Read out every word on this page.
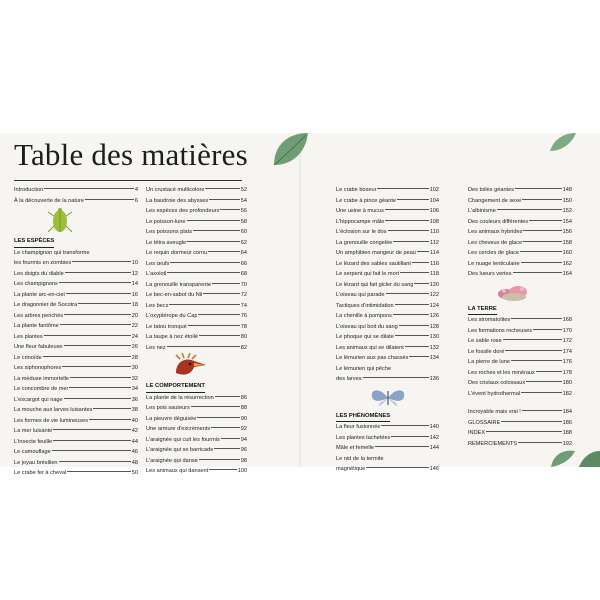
Table des matières
Introduction	4
À la découverte de la nature	6
LES ESPÈCES
Le champignon qui transforme
les fourmis en zombies	10
Les doigts du diable	12
Les champignons	14
La plante arc-en-ciel	16
Le dragonnier de Socotra	18
Les arbres penchés	20
La plante fantôme	22
Les plantes	24
Une fleur fabuleuse	26
Le crinoïde	28
Les siphonophores	30
La méduse immortelle	32
Le concombre de mer	34
L'escargot qui nage	36
La mouche aux larves luisantes	38
Les formes de vie lumineuses	40
La mer luisante	42
L'insecte feuille	44
Le camouflage	46
Le joyau brésilien	48
Le crabe fer à cheval	50
Un crustacé multicolore	52
La baudroie des abysses	54
Les espèces des profondeurs	56
Le poisson-lune	58
Les poissons plats	60
Le tétra aveugle	62
Le requin dormeur cornu	64
Les œufs	66
L'axolotl	68
La grenouille transparente	70
Le bec-en-sabot du Nil	72
Les becs	74
L'oxyptérope du Cap	76
Le tatou tronqué	78
La taupe à nez étoilé	80
Les nez	82
LE COMPORTEMENT
La plante de la résurrection	86
Les pois sauteurs	88
La pieuvre déguisée	90
Une armure d'excréments	92
L'araignée qui cuit les fourmis	94
L'araignée qui se barricade	96
L'araignée qui danse	98
Les animaux qui dansent	100
Le crabe boxeur	102
Le crabe à pince géante	104
Une usine à mucus	106
L'hippocampe mâle	108
L'éclosion sur le dos	110
La grenouille congelée	112
Un amphibien mangeur de peau	114
Le lézard des sables sautillant	116
Le serpent qui fait le mort	118
Le lézard qui fait gicler du sang	120
L'oiseau qui parade	122
Tactiques d'intimidation	124
La chenille à pompons	126
L'oiseau qui boit du sang	128
Le phoque qui se dilate	130
Les animaux qui se dilatent	132
Le lémurien aux pas chassés	134
Le lémurien qui pêche
des larves	136
LES PHÉNOMÈNES
La fleur fusionnée	140
Les plantes tachetées	142
Mâle et femelle	144
Le nid de la termite
magnétique	146
Des toiles géantes	148
Changement de sexe	150
L'albinisme	152
Des couleurs différentes	154
Les animaux hybrides	156
Les cheveux de glace	158
Les cercles de glace	160
Le nuage lenticulaire	162
Des lueurs vertes	164
LA TERRE
Les stromatolites	168
Les formations rocheuses	170
Le sable rose	172
Le fossile doré	174
La pierre de lune	176
Les roches et les minéraux	178
Des cristaux colossaux	180
L'évent hydrothermal	182
Incroyable mais vrai !	184
GLOSSAIRE	186
INDEX	188
REMERCIEMENTS	192
